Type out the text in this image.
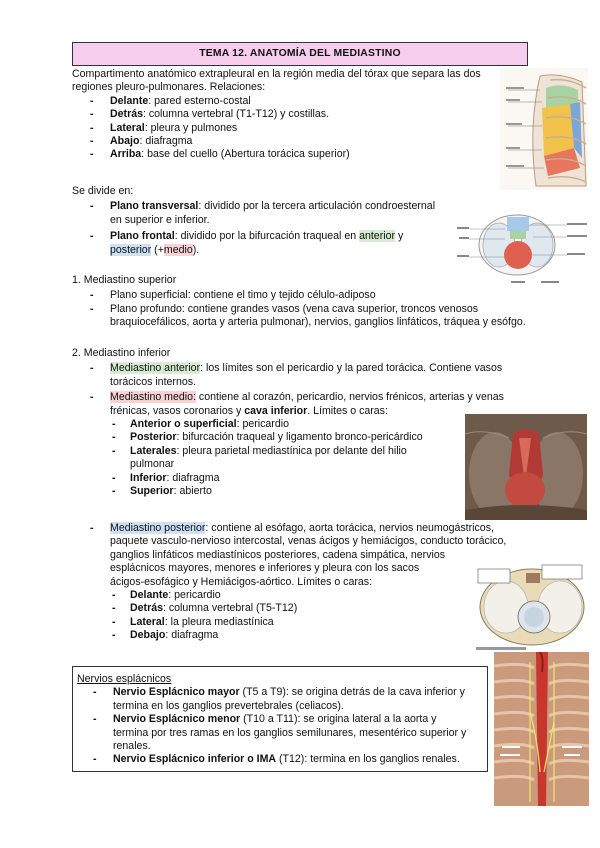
TEMA 12. ANATOMÍA DEL MEDIASTINO
Compartimento anatómico extrapleural en la región media del tórax que separa las dos
regiones pleuro-pulmonares. Relaciones:
- Delante: pared esterno-costal
- Detrás: columna vertebral (T1-T12) y costillas.
- Lateral: pleura y pulmones
- Abajo: diafragma
- Arriba: base del cuello (Abertura torácica superior)
Se divide en:
- Plano transversal: dividido por la tercera articulación condroesternal
en superior e inferior.
- Plano frontal: dividido por la bifurcación traqueal en anterior y
posterior (+medio).
1. Mediastino superior
- Plano superficial: contiene el timo y tejido célulo-adiposo
- Plano profundo: contiene grandes vasos (vena cava superior, troncos venosos
braquiocefálicos, aorta y arteria pulmonar), nervios, ganglios linfáticos, tráquea y esófgo.
2. Mediastino inferior
- Mediastino anterior: los límites son el pericardio y la pared torácica. Contiene vasos
torácicos internos.
- Mediastino medio: contiene al corazón, pericardio, nervios frénicos, arterias y venas
frénicas, vasos coronarios y cava inferior. Límites o caras:
- Anterior o superficial: pericardio
- Posterior: bifurcación traqueal y ligamento bronco-pericárdico
- Laterales: pleura parietal mediastínica por delante del hilio
pulmonar
- Inferior: diafragma
- Superior: abierto
- Mediastino posterior: contiene al esófago, aorta torácica, nervios neumogástricos,
paquete vasculo-nervioso intercostal, venas ácigos y hemiácigos, conducto torácico,
ganglios linfáticos mediastínicos posteriores, cadena simpática, nervios
esplácnicos mayores, menores e inferiores y pleura con los sacos
ácigos-esofágico y Hemiácigos-aórtico. Límites o caras:
- Delante: pericardio
- Detrás: columna vertebral (T5-T12)
- Lateral: la pleura mediastínica
- Debajo: diafragma
Nervios esplácnicos
- Nervio Esplácnico mayor (T5 a T9): se origina detrás de la cava inferior y
termina en los ganglios prevertebrales (celiacos).
- Nervio Esplácnico menor (T10 a T11): se origina lateral a la aorta y
termina por tres ramas en los ganglios semilunares, mesentérico superior y
renales.
- Nervio Esplácnico inferior o IMA (T12): termina en los ganglios renales.
